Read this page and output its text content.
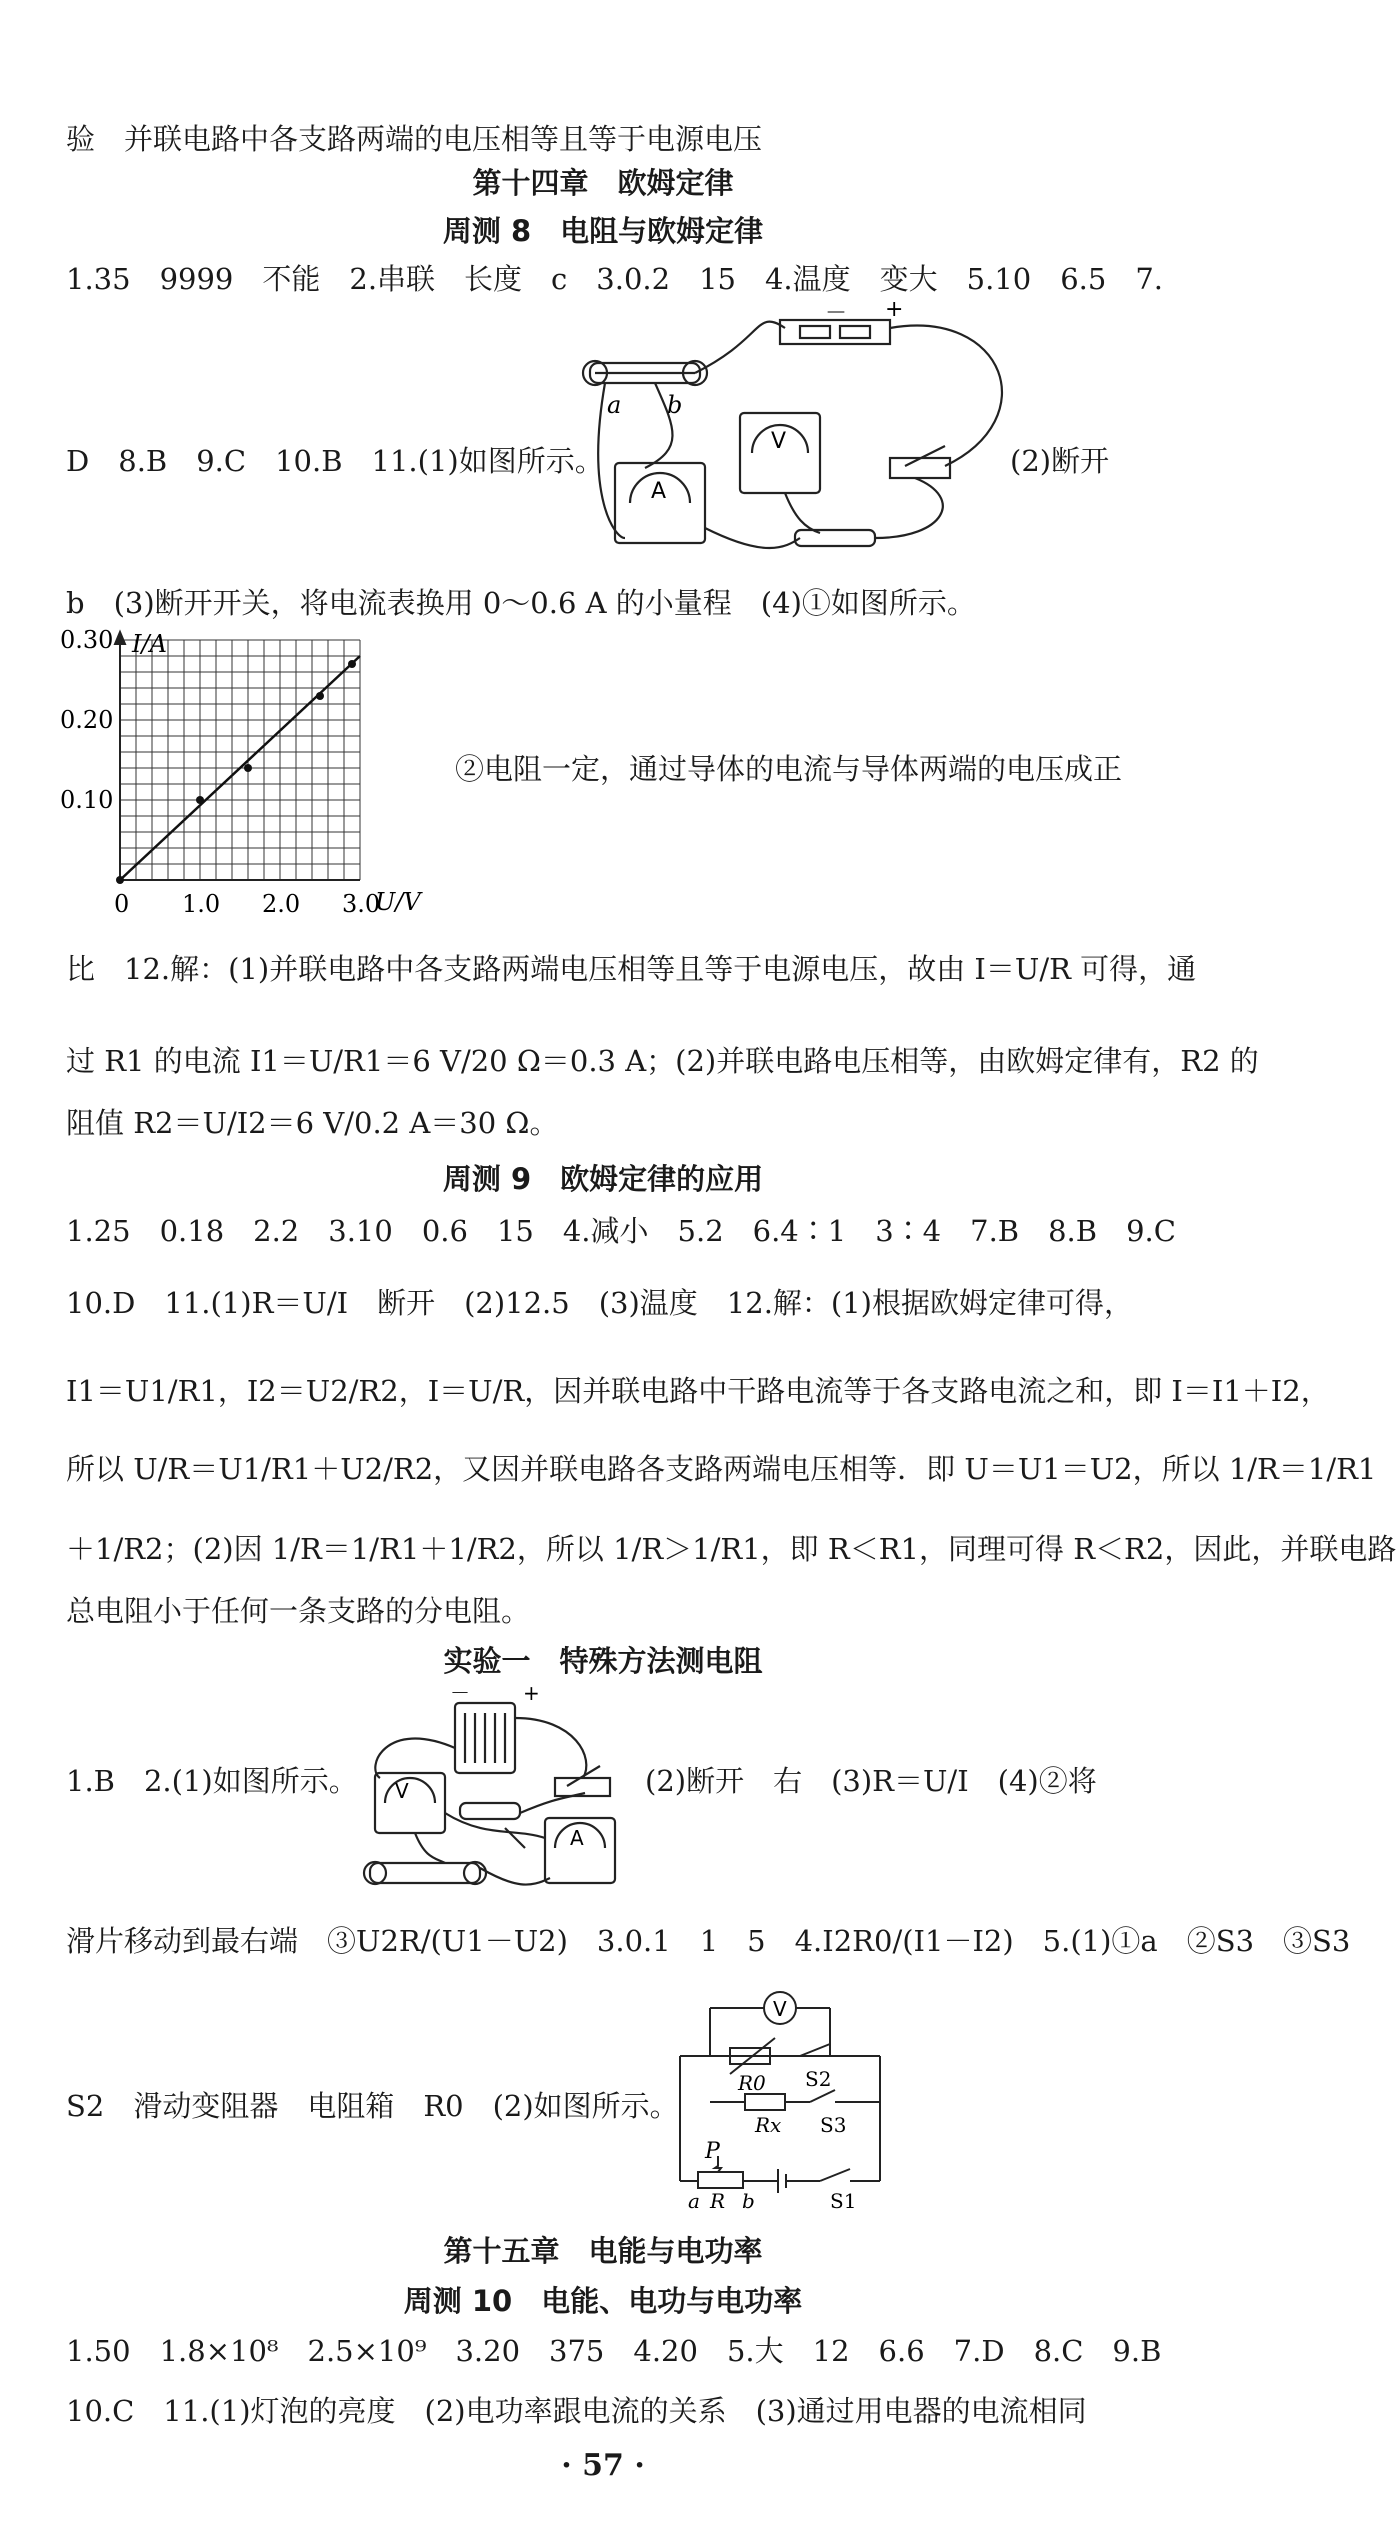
验　并联电路中各支路两端的电压相等且等于电源电压
第十四章　欧姆定律
周测 8　电阻与欧姆定律
1.35　9999　不能　2.串联　长度　c　3.0.2　15　4.温度　变大　5.10　6.5　7.
－ +
a b
V
A
D　8.B　9.C　10.B　11.(1)如图所示。	(2)断开
b　(3)断开开关，将电流表换用 0～0.6 A 的小量程　(4)①如图所示。
0 1.0 2.0 3.0
0.10
0.20
0.30 I/A
U/V
②电阻一定，通过导体的电流与导体两端的电压成正
比　12.解：(1)并联电路中各支路两端电压相等且等于电源电压，故由 I＝U/R 可得，通
过 R1 的电流 I1＝U/R1＝6 V/20 Ω＝0.3 A；(2)并联电路电压相等，由欧姆定律有，R2 的
阻值 R2＝U/I2＝6 V/0.2 A＝30 Ω。
周测 9　欧姆定律的应用
1.25　0.18　2.2　3.10　0.6　15　4.减小　5.2　6.4∶1　3∶4　7.B　8.B　9.C
10.D　11.(1)R＝U/I　断开　(2)12.5　(3)温度　12.解：(1)根据欧姆定律可得，
I1＝U1/R1，I2＝U2/R2，I＝U/R，因并联电路中干路电流等于各支路电流之和，即 I＝I1＋I2，
所以 U/R＝U1/R1＋U2/R2，又因并联电路各支路两端电压相等．即 U＝U1＝U2，所以 1/R＝1/R1
＋1/R2；(2)因 1/R＝1/R1＋1/R2，所以 1/R＞1/R1，即 R＜R1，同理可得 R＜R2，因此，并联电路
总电阻小于任何一条支路的分电阻。
实验一　特殊方法测电阻
－	+
V
A
1.B　2.(1)如图所示。	(2)断开　右　(3)R＝U/I　(4)②将
滑片移动到最右端　③U2R/(U1－U2)　3.0.1　1　5　4.I2R0/(I1－I2)　5.(1)①a　②S3　③S3
V
R0 S2
Rx S3
P
a R b	S1
S2　滑动变阻器　电阻箱　R0　(2)如图所示。
第十五章　电能与电功率
周测 10　电能、电功与电功率
1.50　1.8×10⁸　2.5×10⁹　3.20　375　4.20　5.大　12　6.6　7.D　8.C　9.B
10.C　11.(1)灯泡的亮度　(2)电功率跟电流的关系　(3)通过用电器的电流相同
· 57 ·
